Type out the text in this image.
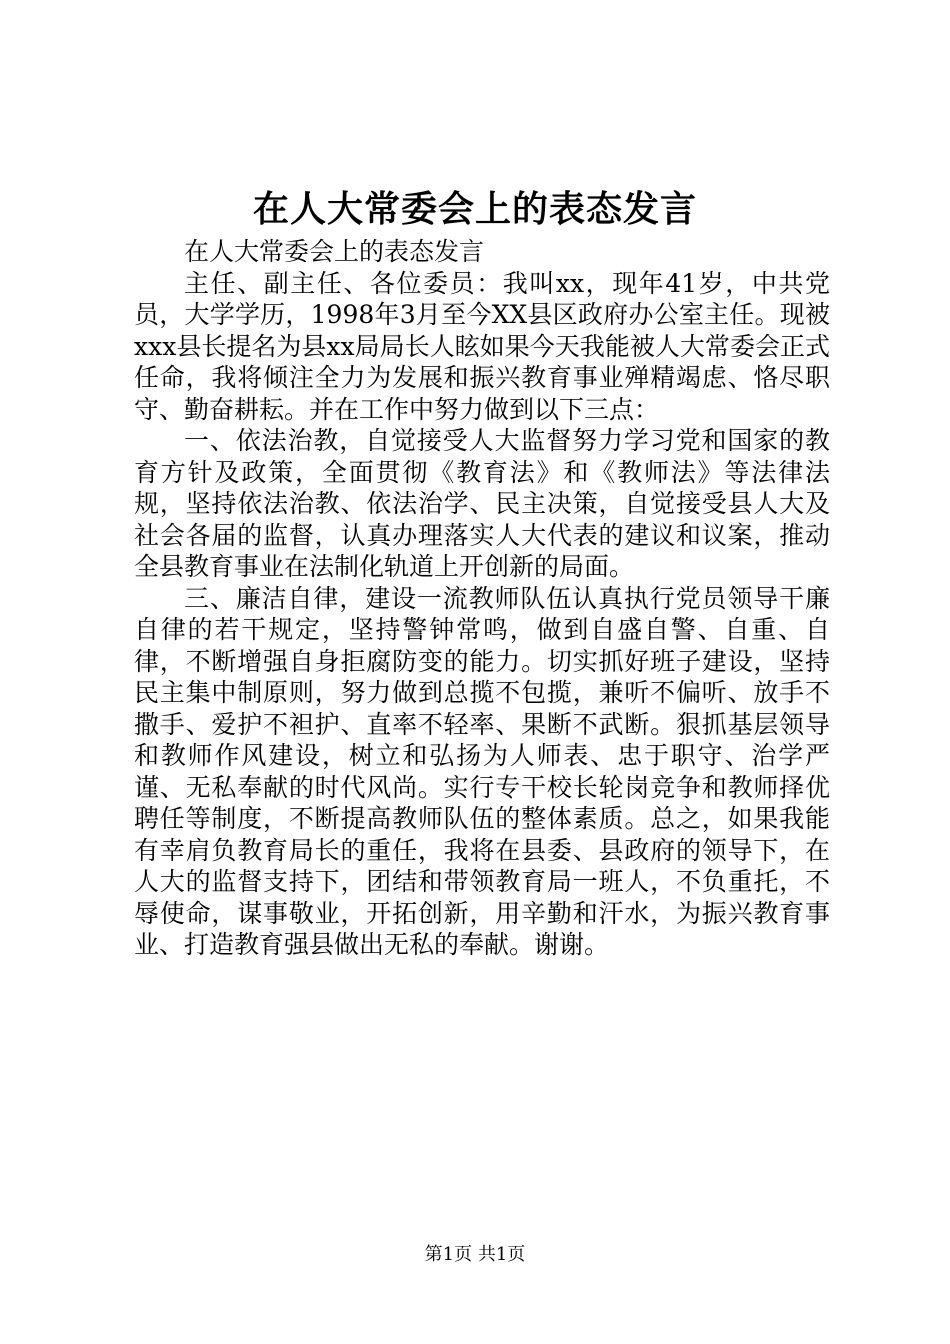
在人大常委会上的表态发言

在人大常委会上的表态发言

主任、副主任、各位委员：我叫xx，现年41岁，中共党员，大学学历，1998年3月至今XX县区政府办公室主任。现被xxx县长提名为县xx局局长人眩如果今天我能被人大常委会正式任命，我将倾注全力为发展和振兴教育事业殚精竭虑、恪尽职守、勤奋耕耘。并在工作中努力做到以下三点：

一、依法治教，自觉接受人大监督努力学习党和国家的教育方针及政策，全面贯彻《教育法》和《教师法》等法律法规，坚持依法治教、依法治学、民主决策，自觉接受县人大及社会各届的监督，认真办理落实人大代表的建议和议案，推动全县教育事业在法制化轨道上开创新的局面。

三、廉洁自律，建设一流教师队伍认真执行党员领导干廉自律的若干规定，坚持警钟常鸣，做到自盛自警、自重、自律，不断增强自身拒腐防变的能力。切实抓好班子建设，坚持民主集中制原则，努力做到总揽不包揽，兼听不偏听、放手不撒手、爱护不袒护、直率不轻率、果断不武断。狠抓基层领导和教师作风建设，树立和弘扬为人师表、忠于职守、治学严谨、无私奉献的时代风尚。实行专干校长轮岗竞争和教师择优聘任等制度，不断提高教师队伍的整体素质。总之，如果我能有幸肩负教育局长的重任，我将在县委、县政府的领导下，在人大的监督支持下，团结和带领教育局一班人，不负重托，不辱使命，谋事敬业，开拓创新，用辛勤和汗水，为振兴教育事业、打造教育强县做出无私的奉献。谢谢。

第1页 共1页
